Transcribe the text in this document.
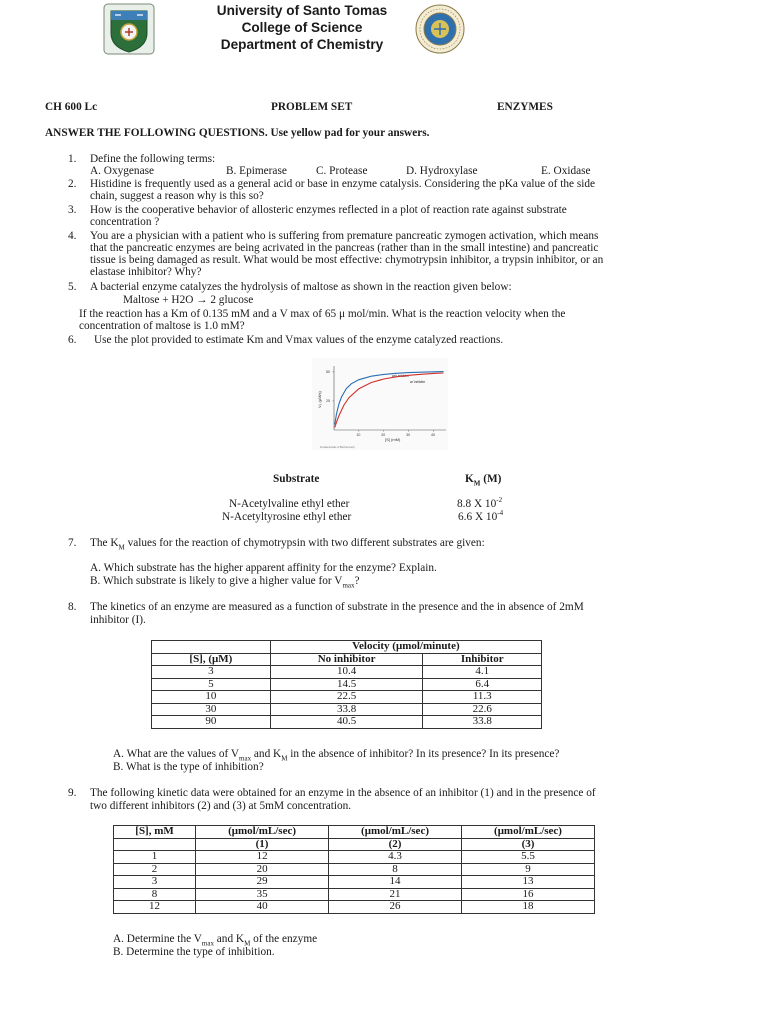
University of Santo Tomas
College of Science
Department of Chemistry
CH 600 Lc	PROBLEM SET	ENZYMES
ANSWER THE FOLLOWING QUESTIONS. Use yellow pad for your answers.
1. Define the following terms:
A. Oxygenase	B. Epimerase	C. Protease	D. Hydroxylase	E. Oxidase
2. Histidine is frequently used as a general acid or base in enzyme catalysis. Considering the pKa value of the side
chain, suggest a reason why is this so?
3. How is the cooperative behavior of allosteric enzymes reflected in a plot of reaction rate against substrate
concentration ?
4. You are a physician with a patient who is suffering from premature pancreatic zymogen activation, which means
that the pancreatic enzymes are being acrivated in the pancreas (rather than in the small intestine) and pancreatic
tissue is being damaged as result. What would be most effective: chymotrypsin inhibitor, a trypsin inhibitor, or an
elastase inhibitor? Why?
5. A bacterial enzyme catalyzes the hydrolysis of maltose as shown in the reaction given below:
Maltose + H2O → 2 glucose
If the reaction has a Km of 0.135 mM and a V max of 65 μ mol/min. What is the reaction velocity when the
concentration of maltose is 1.0 mM?
6. Use the plot provided to estimate Km and Vmax values of the enzyme catalyzed reactions.
10	20	30	40
25
50
w/o inhibitor
w/ inhibitor
V₀ (μM/s)
[S] (mM)
Fundamentals of Biochemistry
Substrate	$K_M$ (M)
N-Acetylvaline ethyl ether	8.8 X $10^{-2}$
N-Acetyltyrosine ethyl ether	6.6 X $10^{-4}$
7. The $K_M$ values for the reaction of chymotrypsin with two different substrates are given:
A. Which substrate has the higher apparent affinity for the enzyme? Explain.
B. Which substrate is likely to give a higher value for $V_{max}$?
8. The kinetics of an enzyme are measured as a function of substrate in the presence and the in absence of 2mM
inhibitor (I).
	Velocity (μmol/minute)	
[S], (μM)	No inhibitor	Inhibitor
3	10.4	4.1
5	14.5	6.4
10	22.5	11.3
30	33.8	22.6
90	40.5	33.8
A. What are the values of $V_{max}$ and $K_M$ in the absence of inhibitor? In its presence? In its presence?
B. What is the type of inhibition?
9. The following kinetic data were obtained for an enzyme in the absence of an inhibitor (1) and in the presence of
two different inhibitors (2) and (3) at 5mM concentration.
[S], mM	(μmol/mL/sec)	(μmol/mL/sec)	(μmol/mL/sec)
	(1)	(2)	(3)
1	12	4.3	5.5
2	20	8	9
3	29	14	13
8	35	21	16
12	40	26	18
A. Determine the $V_{max}$ and $K_M$ of the enzyme
B. Determine the type of inhibition.
